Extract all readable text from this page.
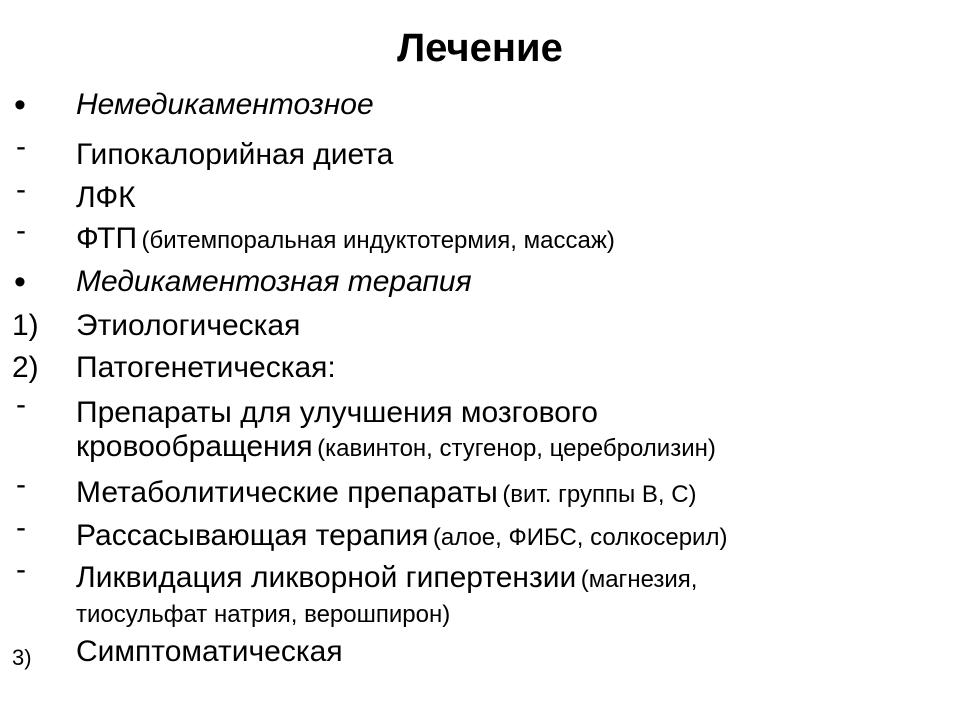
Лечение
• Немедикаментозное
- Гипокалорийная диета
- ЛФК
- ФТП (битемпоральная индуктотермия, массаж)
• Медикаментозная терапия
1) Этиологическая
2) Патогенетическая:
- Препараты для улучшения мозгового
кровообращения (кавинтон, стугенор, церебролизин)
- Метаболитические препараты (вит. группы В, С)
- Рассасывающая терапия (алое, ФИБС, солкосерил)
- Ликвидация ликворной гипертензии (магнезия,
тиосульфат натрия, верошпирон)
3) Симптоматическая
